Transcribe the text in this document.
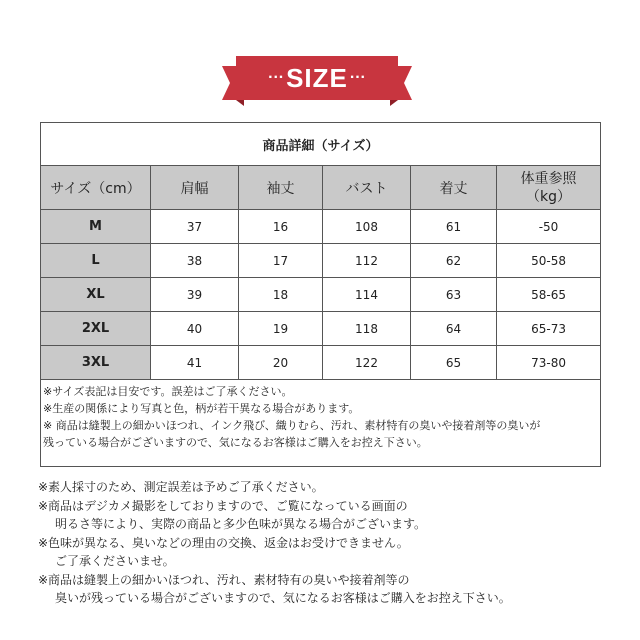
··· SIZE ···
商品詳細（サイズ）					
サイズ（cm）	肩幅	袖丈	バスト	着丈	体重参照
（kg）

M	37	16	108	61	-50
L	38	17	112	62	50-58
XL	39	18	114	63	58-65
2XL	40	19	118	64	65-73
3XL	41	20	122	65	73-80

※サイズ表記は目安です。誤差はご了承ください。
※生産の関係により写真と色，柄が若干異なる場合があります。
※ 商品は縫製上の細かいほつれ、インク飛び、織りむら、汚れ、素材特有の臭いや接着剤等の臭いが
残っている場合がございますので、気になるお客様はご購入をお控え下さい。					
※素人採寸のため、測定誤差は予めご了承ください。
※商品はデジカメ撮影をしておりますので、ご覧になっている画面の
明るさ等により、実際の商品と多少色味が異なる場合がございます。
※色味が異なる、臭いなどの理由の交換、返金はお受けできません。
ご了承くださいませ。
※商品は縫製上の細かいほつれ、汚れ、素材特有の臭いや接着剤等の
臭いが残っている場合がございますので、気になるお客様はご購入をお控え下さい。
